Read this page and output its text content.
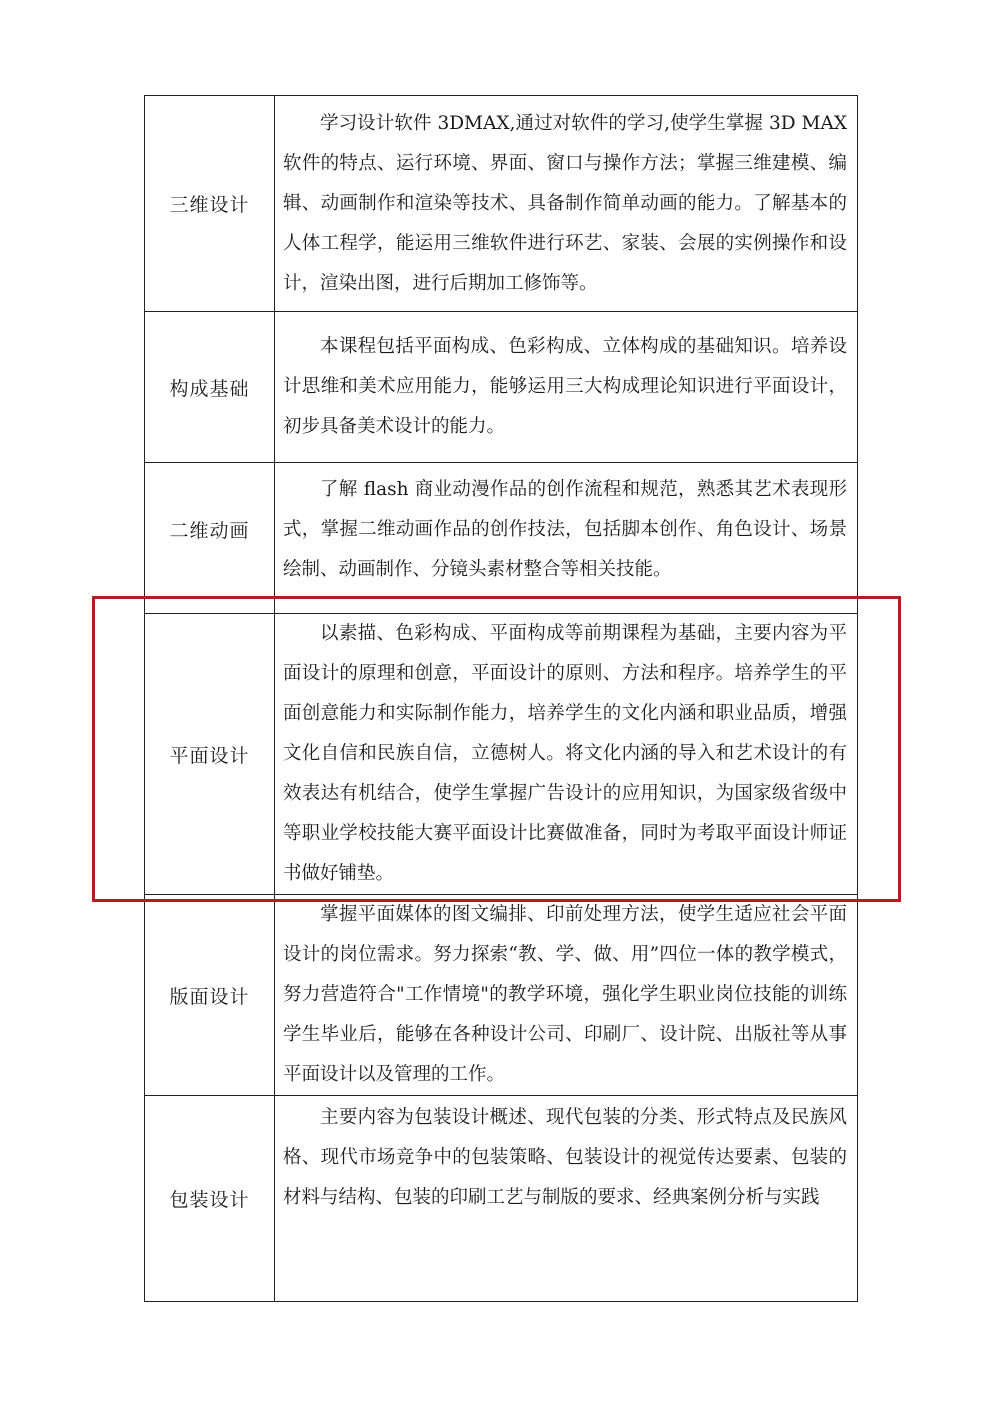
三维设计	学习设计软件 3DMAX,通过对软件的学习,使学生掌握 3D MAX 软件的特点、运行环境、界面、窗口与操作方法；掌握三维建模、编辑、动画制作和渲染等技术、具备制作简单动画的能力。了解基本的人体工程学，能运用三维软件进行环艺、家装、会展的实例操作和设计，渲染出图，进行后期加工修饰等。

构成基础	本课程包括平面构成、色彩构成、立体构成的基础知识。培养设计思维和美术应用能力，能够运用三大构成理论知识进行平面设计，初步具备美术设计的能力。

二维动画	了解 flash 商业动漫作品的创作流程和规范，熟悉其艺术表现形式，掌握二维动画作品的创作技法，包括脚本创作、角色设计、场景绘制、动画制作、分镜头素材整合等相关技能。

平面设计	以素描、色彩构成、平面构成等前期课程为基础，主要内容为平面设计的原理和创意，平面设计的原则、方法和程序。培养学生的平面创意能力和实际制作能力，培养学生的文化内涵和职业品质，增强文化自信和民族自信，立德树人。将文化内涵的导入和艺术设计的有效表达有机结合，使学生掌握广告设计的应用知识，为国家级省级中等职业学校技能大赛平面设计比赛做准备，同时为考取平面设计师证书做好铺垫。

版面设计	掌握平面媒体的图文编排、印前处理方法，使学生适应社会平面设计的岗位需求。努力探索“教、学、做、用”四位一体的教学模式，努力营造符合"工作情境"的教学环境，强化学生职业岗位技能的训练学生毕业后，能够在各种设计公司、印刷厂、设计院、出版社等从事平面设计以及管理的工作。

包装设计	主要内容为包装设计概述、现代包装的分类、形式特点及民族风格、现代市场竞争中的包装策略、包装设计的视觉传达要素、包装的材料与结构、包装的印刷工艺与制版的要求、经典案例分析与实践
